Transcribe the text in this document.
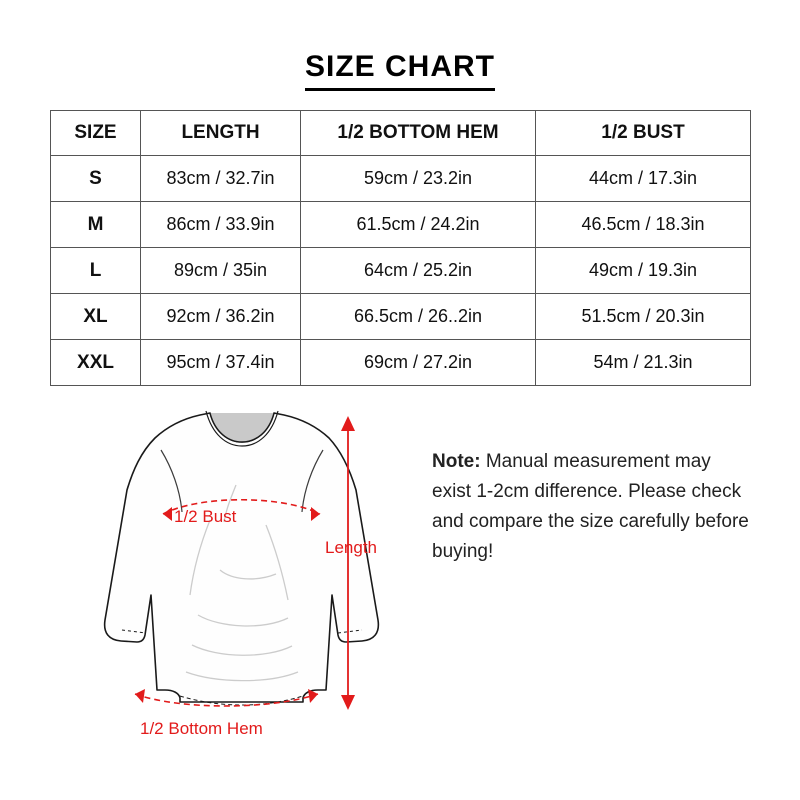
SIZE CHART
SIZE	LENGTH	1/2 BOTTOM HEM	1/2 BUST
S	83cm / 32.7in	59cm / 23.2in	44cm / 17.3in
M	86cm / 33.9in	61.5cm / 24.2in	46.5cm / 18.3in
L	89cm / 35in	64cm / 25.2in	49cm / 19.3in
XL	92cm / 36.2in	66.5cm / 26..2in	51.5cm / 20.3in
XXL	95cm / 37.4in	69cm / 27.2in	54m / 21.3in
1/2 Bust
1/2 Bottom Hem
Length
Note: Manual measurement may exist 1-2cm difference. Please check and compare the size carefully before buying!
